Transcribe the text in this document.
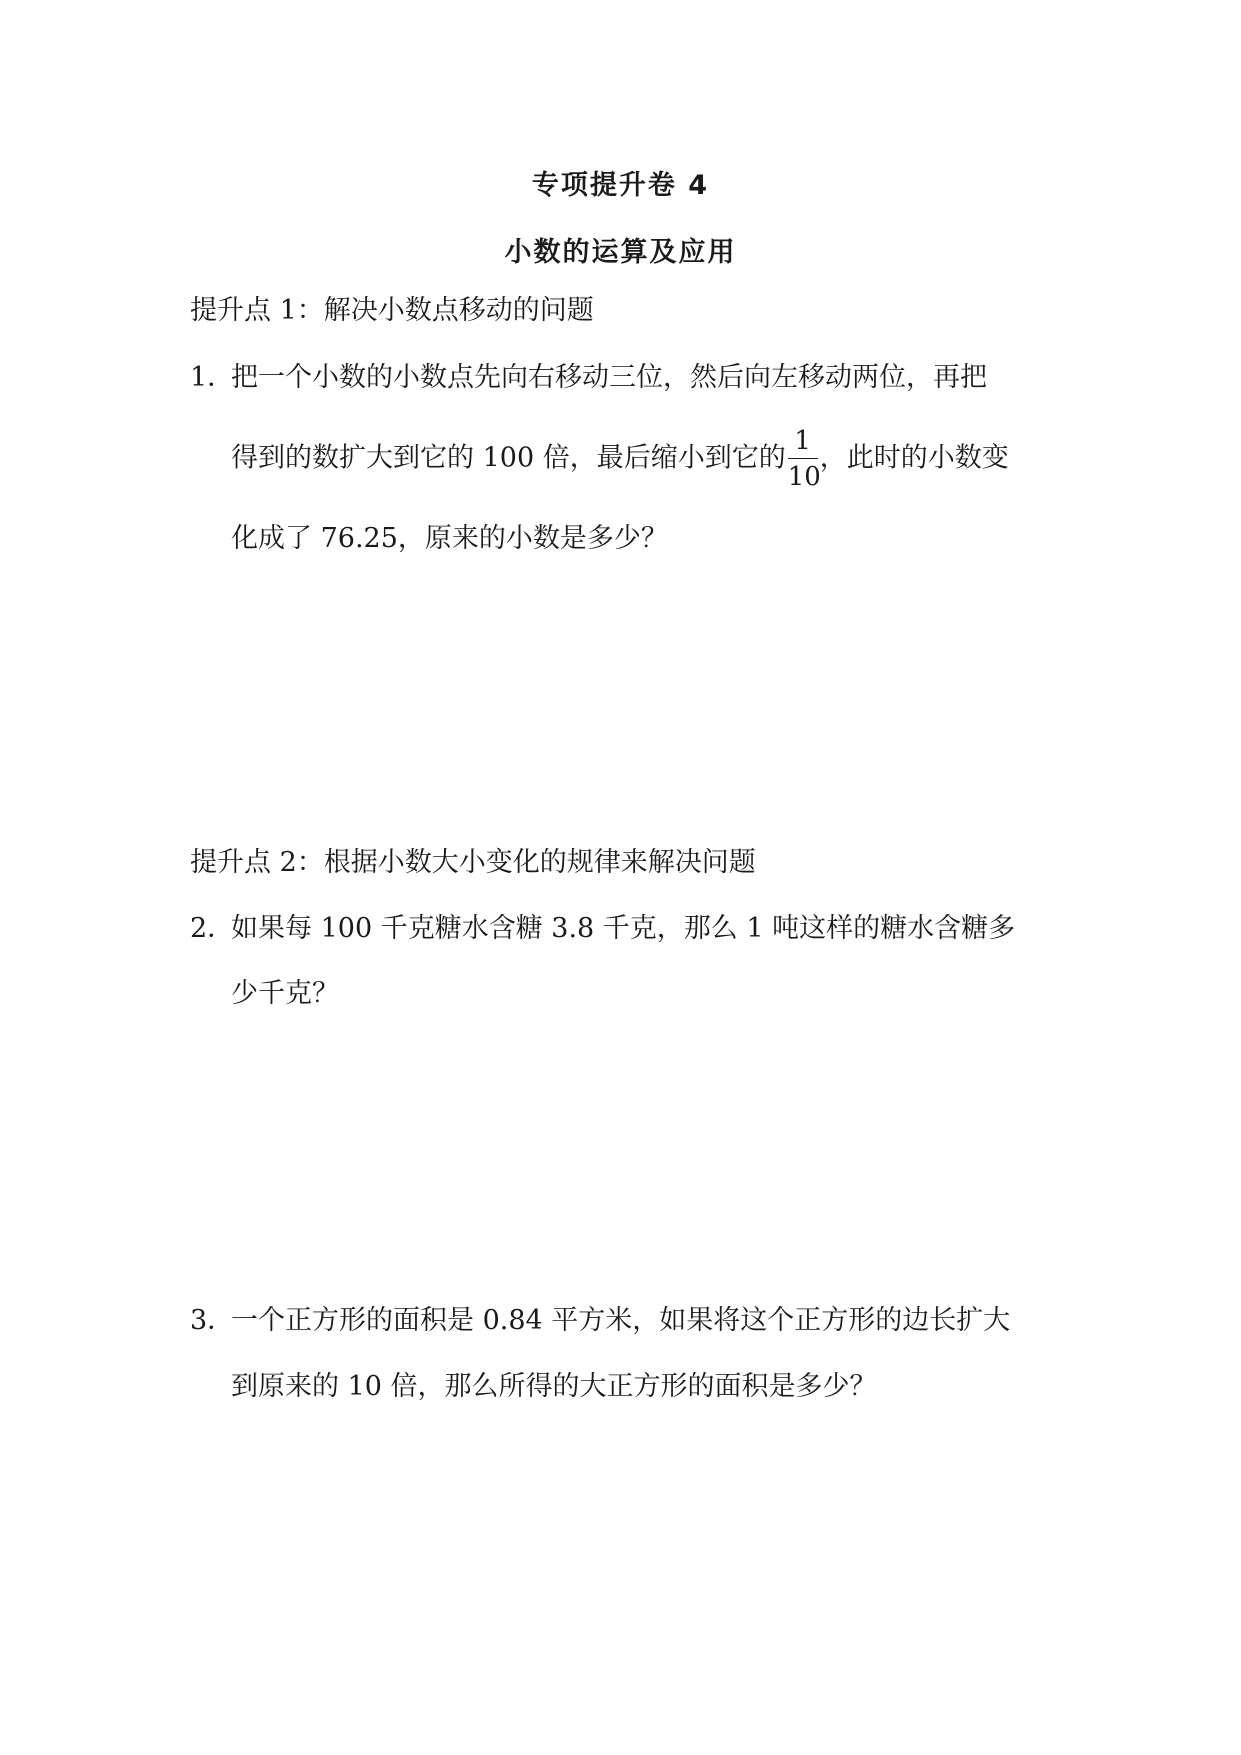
专项提升卷 4
小数的运算及应用
提升点 1：解决小数点移动的问题
1．把一个小数的小数点先向右移动三位，然后向左移动两位，再把
得到的数扩大到它的 100 倍，最后缩小到它的 $\frac{1}{10}$ ，此时的小数变
化成了 76.25，原来的小数是多少？
提升点 2：根据小数大小变化的规律来解决问题
2．如果每 100 千克糖水含糖 3.8 千克，那么 1 吨这样的糖水含糖多
少千克？
3．一个正方形的面积是 0.84 平方米，如果将这个正方形的边长扩大
到原来的 10 倍，那么所得的大正方形的面积是多少？
